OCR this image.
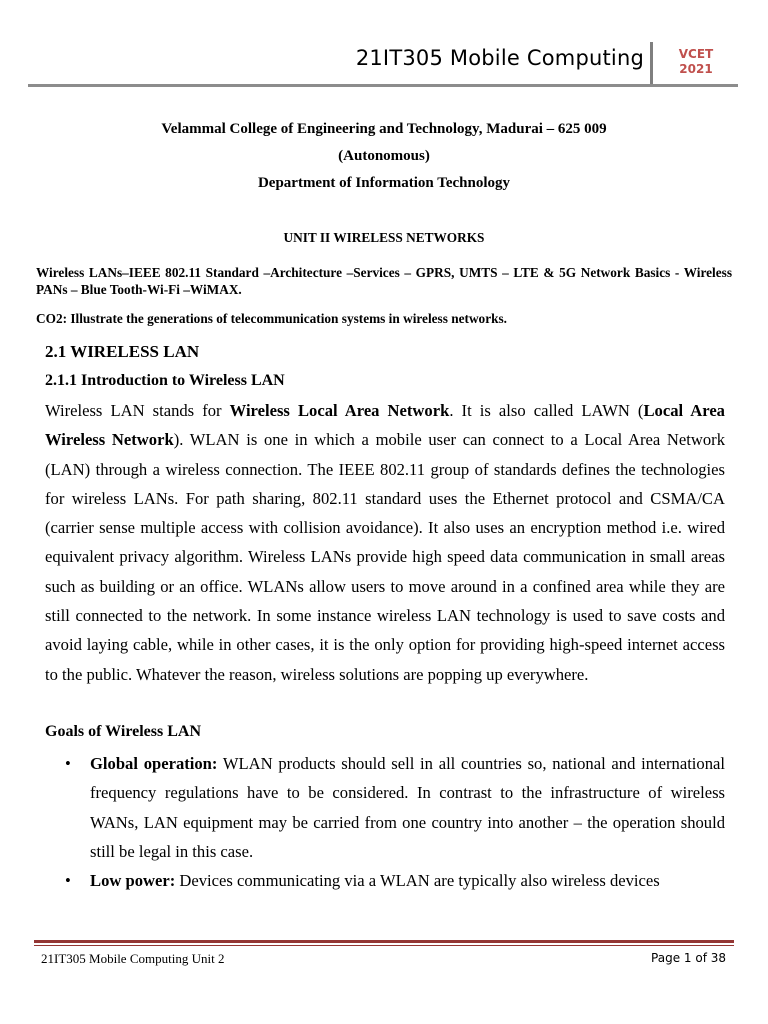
21IT305 Mobile Computing	VCET
2021
Velammal College of Engineering and Technology, Madurai – 625 009
(Autonomous)
Department of Information Technology
UNIT II WIRELESS NETWORKS
Wireless LANs–IEEE 802.11 Standard –Architecture –Services – GPRS, UMTS – LTE & 5G Network Basics - Wireless PANs – Blue Tooth-Wi-Fi –WiMAX.
CO2: Illustrate the generations of telecommunication systems in wireless networks.
2.1 WIRELESS LAN
2.1.1 Introduction to Wireless LAN
Wireless LAN stands for Wireless Local Area Network. It is also called LAWN (Local Area Wireless Network). WLAN is one in which a mobile user can connect to a Local Area Network (LAN) through a wireless connection. The IEEE 802.11 group of standards defines the technologies for wireless LANs. For path sharing, 802.11 standard uses the Ethernet protocol and CSMA/CA (carrier sense multiple access with collision avoidance). It also uses an encryption method i.e. wired equivalent privacy algorithm. Wireless LANs provide high speed data communication in small areas such as building or an office. WLANs allow users to move around in a confined area while they are still connected to the network. In some instance wireless LAN technology is used to save costs and avoid laying cable, while in other cases, it is the only option for providing high-speed internet access to the public. Whatever the reason, wireless solutions are popping up everywhere.
Goals of Wireless LAN
• Global operation: WLAN products should sell in all countries so, national and international frequency regulations have to be considered. In contrast to the infrastructure of wireless WANs, LAN equipment may be carried from one country into another – the operation should still be legal in this case.
• Low power: Devices communicating via a WLAN are typically also wireless devices
21IT305 Mobile Computing Unit 2	Page 1 of 38
